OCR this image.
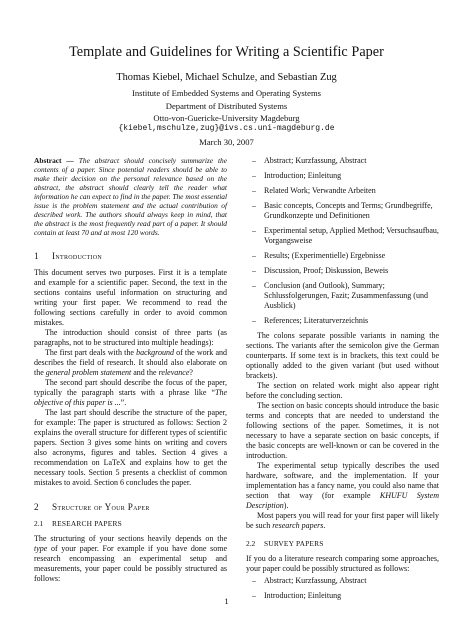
Template and Guidelines for Writing a Scientific Paper
Thomas Kiebel, Michael Schulze, and Sebastian Zug
Institute of Embedded Systems and Operating Systems
Department of Distributed Systems
Otto-von-Guericke-University Magdeburg
{kiebel,mschulze,zug}@ivs.cs.uni-magdeburg.de
March 30, 2007
Abstract — The abstract should concisely summarize the contents of a paper. Since potential readers should be able to make their decision on the personal relevance based on the abstract, the abstract should clearly tell the reader what information he can expect to find in the paper. The most essential issue is the problem statement and the actual contribution of described work. The authors should always keep in mind, that the abstract is the most frequently read part of a paper. It should contain at least 70 and at most 120 words.
1 Introduction

This document serves two purposes. First it is a template and example for a scientific paper. Second, the text in the sections contains useful information on structuring and writing your first paper. We recommend to read the following sections carefully in order to avoid common mistakes.

The introduction should consist of three parts (as paragraphs, not to be structured into multiple headings):

The first part deals with the background of the work and describes the field of research. It should also elaborate on the general problem statement and the relevance?

The second part should describe the focus of the paper, typically the paragraph starts with a phrase like “The objective of this paper is ...”.

The last part should describe the structure of the paper, for example: The paper is structured as follows: Section 2 explains the overall structure for different types of scientific papers. Section 3 gives some hints on writing and covers also acronyms, figures and tables. Section 4 gives a recommendation on LaTeX and explains how to get the necessary tools. Section 5 presents a checklist of common mistakes to avoid. Section 6 concludes the paper.

2 Structure of Your Paper
2.1 RESEARCH PAPERS

The structuring of your sections heavily depends on the type of your paper. For example if you have done some research encompassing an experimental setup and measurements, your paper could be possibly structured as follows:

– Abstract; Kurzfassung, Abstract
– Introduction; Einleitung
– Related Work; Verwandte Arbeiten
– Basic concepts, Concepts and Terms; Grundbegriffe, Grundkonzepte und Definitionen
– Experimental setup, Applied Method; Versuchsaufbau, Vorgangsweise
– Results; (Experimentielle) Ergebnisse
– Discussion, Proof; Diskussion, Beweis
– Conclusion (and Outlook), Summary; Schlussfolgerungen, Fazit; Zusammenfassung (und Ausblick)
– References; Literaturverzeichnis

The colons separate possible variants in naming the sections. The variants after the semicolon give the German counterparts. If some text is in brackets, this text could be optionally added to the given variant (but used without brackets).

The section on related work might also appear right before the concluding section.

The section on basic concepts should introduce the basic terms and concepts that are needed to understand the following sections of the paper. Sometimes, it is not necessary to have a separate section on basic concepts, if the basic concepts are well-known or can be covered in the introduction.

The experimental setup typically describes the used hardware, software, and the implementation. If your implementation has a fancy name, you could also name that section that way (for example KHUFU System Description).

Most papers you will read for your first paper will likely be such research papers.

2.2 SURVEY PAPERS

If you do a literature research comparing some approaches, your paper could be possibly structured as follows:

– Abstract; Kurzfassung, Abstract
– Introduction; Einleitung
1
